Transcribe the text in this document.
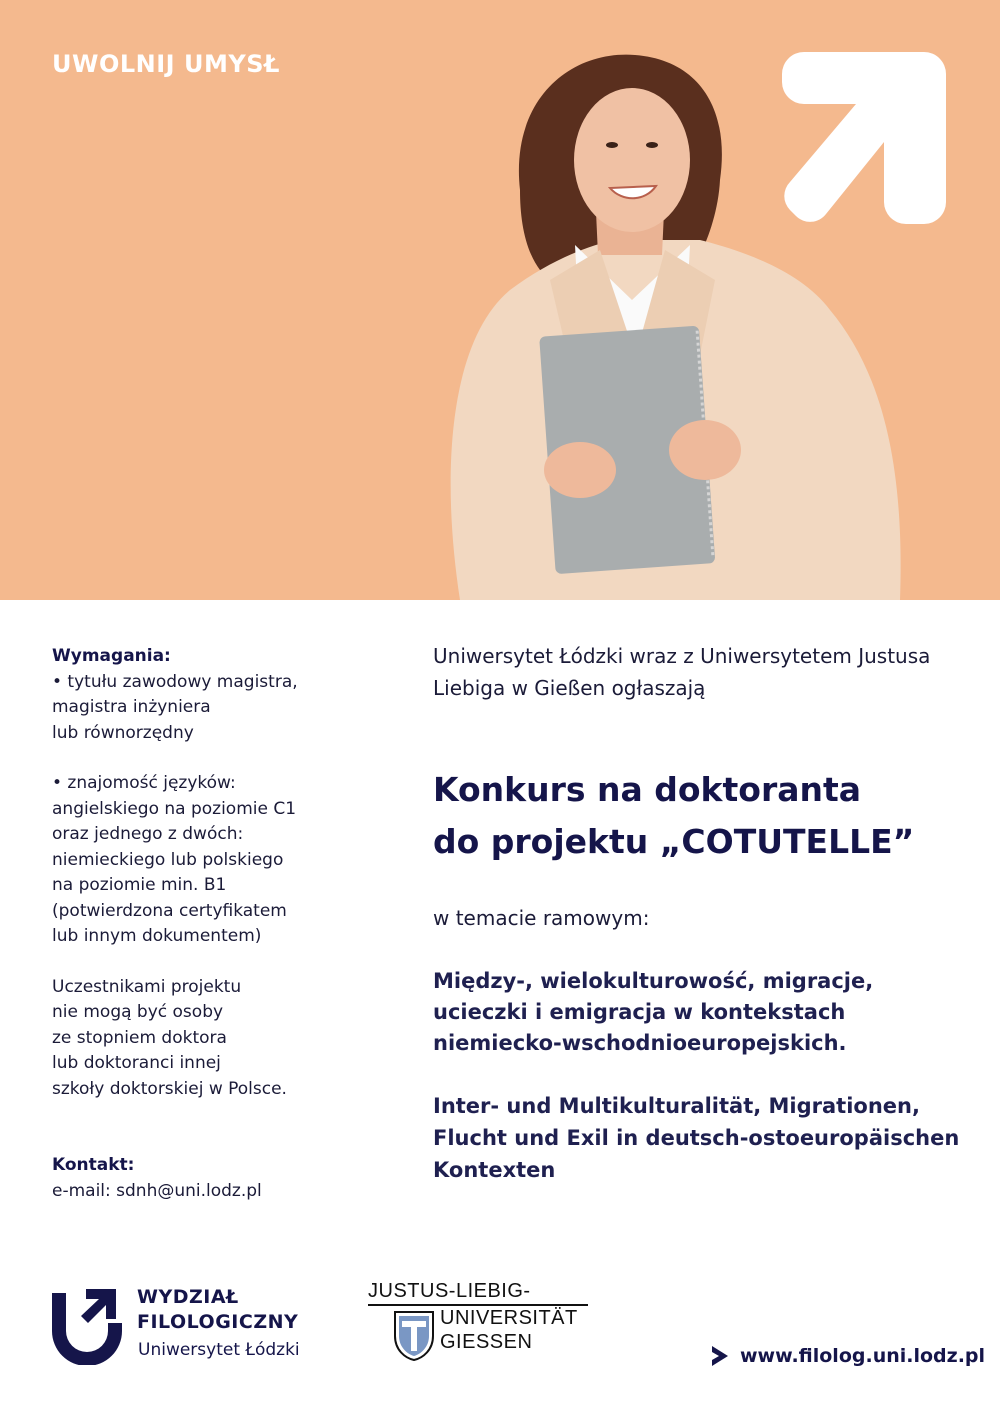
UWOLNIJ UMYSŁ

Wymagania:

• tytułu zawodowy magistra,

magistra inżyniera

lub równorzędny

• znajomość języków:

angielskiego na poziomie C1

oraz jednego z dwóch:

niemieckiego lub polskiego

na poziomie min. B1

(potwierdzona certyfikatem

lub innym dokumentem)

Uczestnikami projektu

nie mogą być osoby

ze stopniem doktora

lub doktoranci innej

szkoły doktorskiej w Polsce.

Kontakt:

e-mail: sdnh@uni.lodz.pl

Uniwersytet Łódzki wraz z Uniwersytetem Justusa

Liebiga w Gießen ogłaszają

Konkurs na doktoranta
do projektu „COTUTELLE”

w temacie ramowym:

Między-, wielokulturowość, migracje,
ucieczki i emigracja w kontekstach
niemiecko-wschodnioeuropejskich.

Inter- und Multikulturalität, Migrationen,
Flucht und Exil in deutsch-ostoeuropäischen
Kontexten

WYDZIAŁ
FILOLOGICZNY
Uniwersytet Łódzki
JUSTUS-LIEBIG-
UNIVERSITÄT
GIESSEN
www.filolog.uni.lodz.pl
